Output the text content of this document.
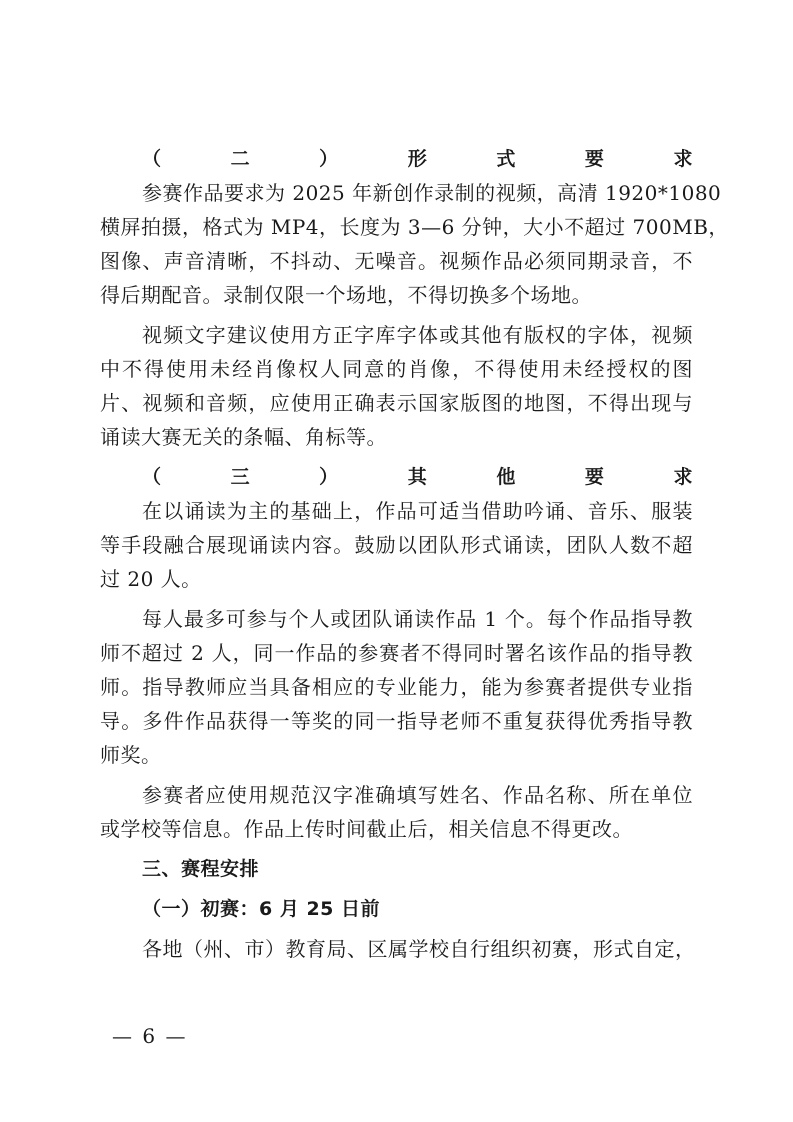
（二）形式要求
参赛作品要求为 2025 年新创作录制的视频，高清 1920*1080
横屏拍摄，格式为 MP4，长度为 3—6 分钟，大小不超过 700MB，
图像、声音清晰，不抖动、无噪音。视频作品必须同期录音，不
得后期配音。录制仅限一个场地，不得切换多个场地。
视频文字建议使用方正字库字体或其他有版权的字体，视频
中不得使用未经肖像权人同意的肖像，不得使用未经授权的图
片、视频和音频，应使用正确表示国家版图的地图，不得出现与
诵读大赛无关的条幅、角标等。
（三）其他要求
在以诵读为主的基础上，作品可适当借助吟诵、音乐、服装
等手段融合展现诵读内容。鼓励以团队形式诵读，团队人数不超
过 20 人。
每人最多可参与个人或团队诵读作品 1 个。每个作品指导教
师不超过 2 人，同一作品的参赛者不得同时署名该作品的指导教
师。指导教师应当具备相应的专业能力，能为参赛者提供专业指
导。多件作品获得一等奖的同一指导老师不重复获得优秀指导教
师奖。
参赛者应使用规范汉字准确填写姓名、作品名称、所在单位
或学校等信息。作品上传时间截止后，相关信息不得更改。
三、赛程安排
（一）初赛：6 月 25 日前
各地（州、市）教育局、区属学校自行组织初赛，形式自定，
— 6 —
